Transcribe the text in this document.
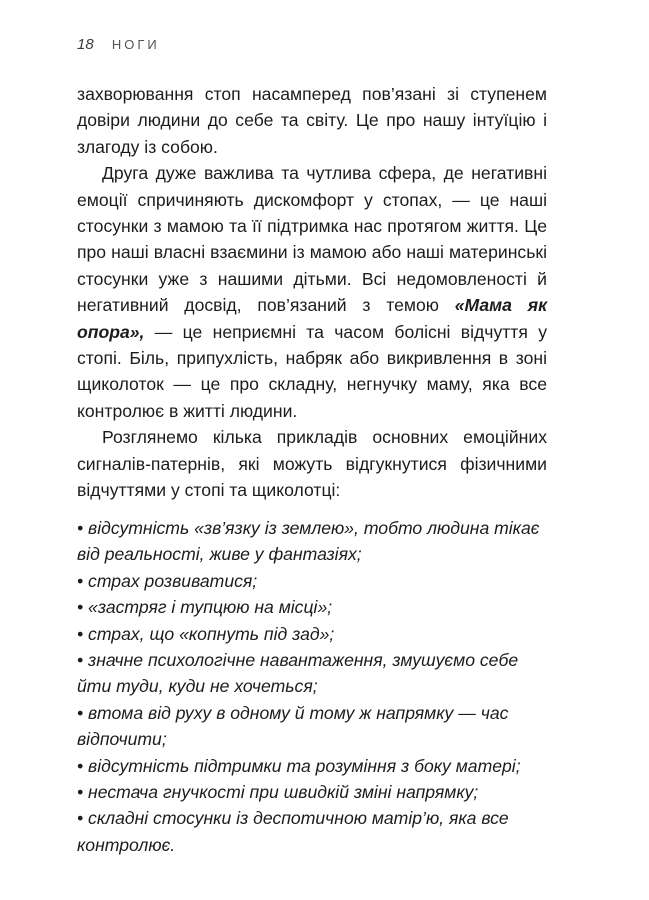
18 НОГИ

захворювання стоп насамперед пов’язані зі ступенем довіри людини до себе та світу. Це про нашу інтуїцію і злагоду із собою.

Друга дуже важлива та чутлива сфера, де негативні емоції спричиняють дискомфорт у стопах, — це наші стосунки з мамою та її підтримка нас протягом життя. Це про наші власні взаємини із мамою або наші материнські стосунки уже з нашими дітьми. Всі недомовленості й негативний досвід, пов’язаний з темою «Мама як опора», — це неприємні та часом болісні відчуття у стопі. Біль, припухлість, набряк або викривлення в зоні щиколоток — це про складну, негнучку маму, яка все контролює в житті людини.

Розглянемо кілька прикладів основних емоційних сигналів-патернів, які можуть відгукнутися фізичними відчуттями у стопі та щиколотці:

• відсутність «зв’язку із землею», тобто людина тікає від реальності, живе у фантазіях;
• страх розвиватися;
• «застряг і тупцюю на місці»;
• страх, що «копнуть під зад»;
• значне психологічне навантаження, змушуємо себе йти туди, куди не хочеться;
• втома від руху в одному й тому ж напрямку — час відпочити;
• відсутність підтримки та розуміння з боку матері;
• нестача гнучкості при швидкій зміні напрямку;
• складні стосунки із деспотичною матір’ю, яка все контролює.
